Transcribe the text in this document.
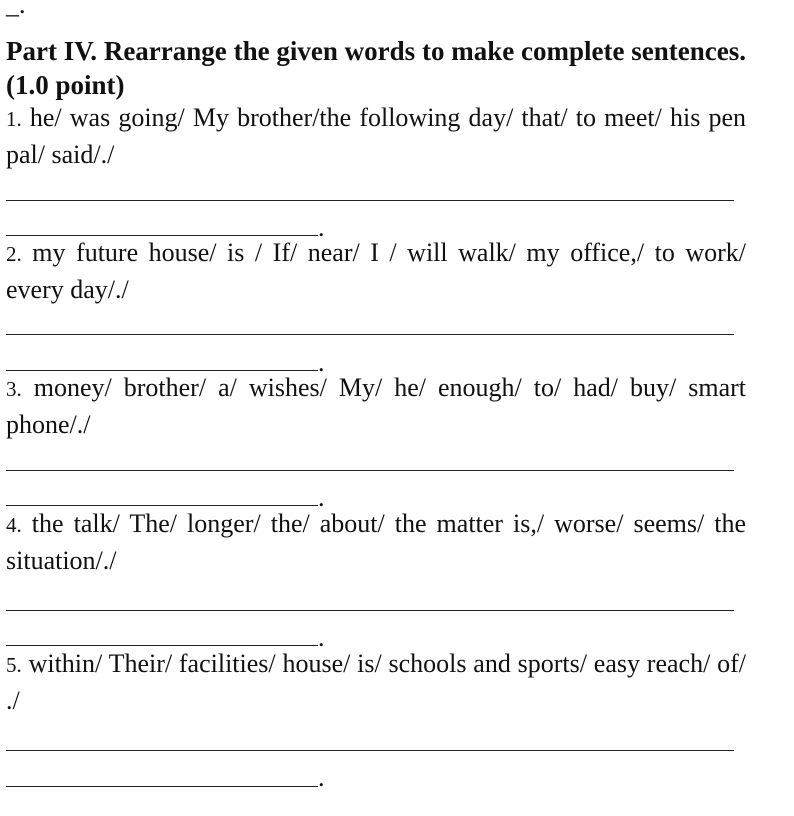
_.
Part IV. Rearrange the given words to make complete sentences. (1.0 point)
1. he/ was going/ My brother/the following day/ that/ to meet/ his pen pal/ said/./
.
2. my future house/ is / If/ near/ I / will walk/ my office,/ to work/ every day/./
.
3. money/ brother/ a/ wishes/ My/ he/ enough/ to/ had/ buy/ smart phone/./
.
4. the talk/ The/ longer/ the/ about/ the matter is,/ worse/ seems/ the situation/./
.
5. within/ Their/ facilities/ house/ is/ schools and sports/ easy reach/ of/ ./
.
